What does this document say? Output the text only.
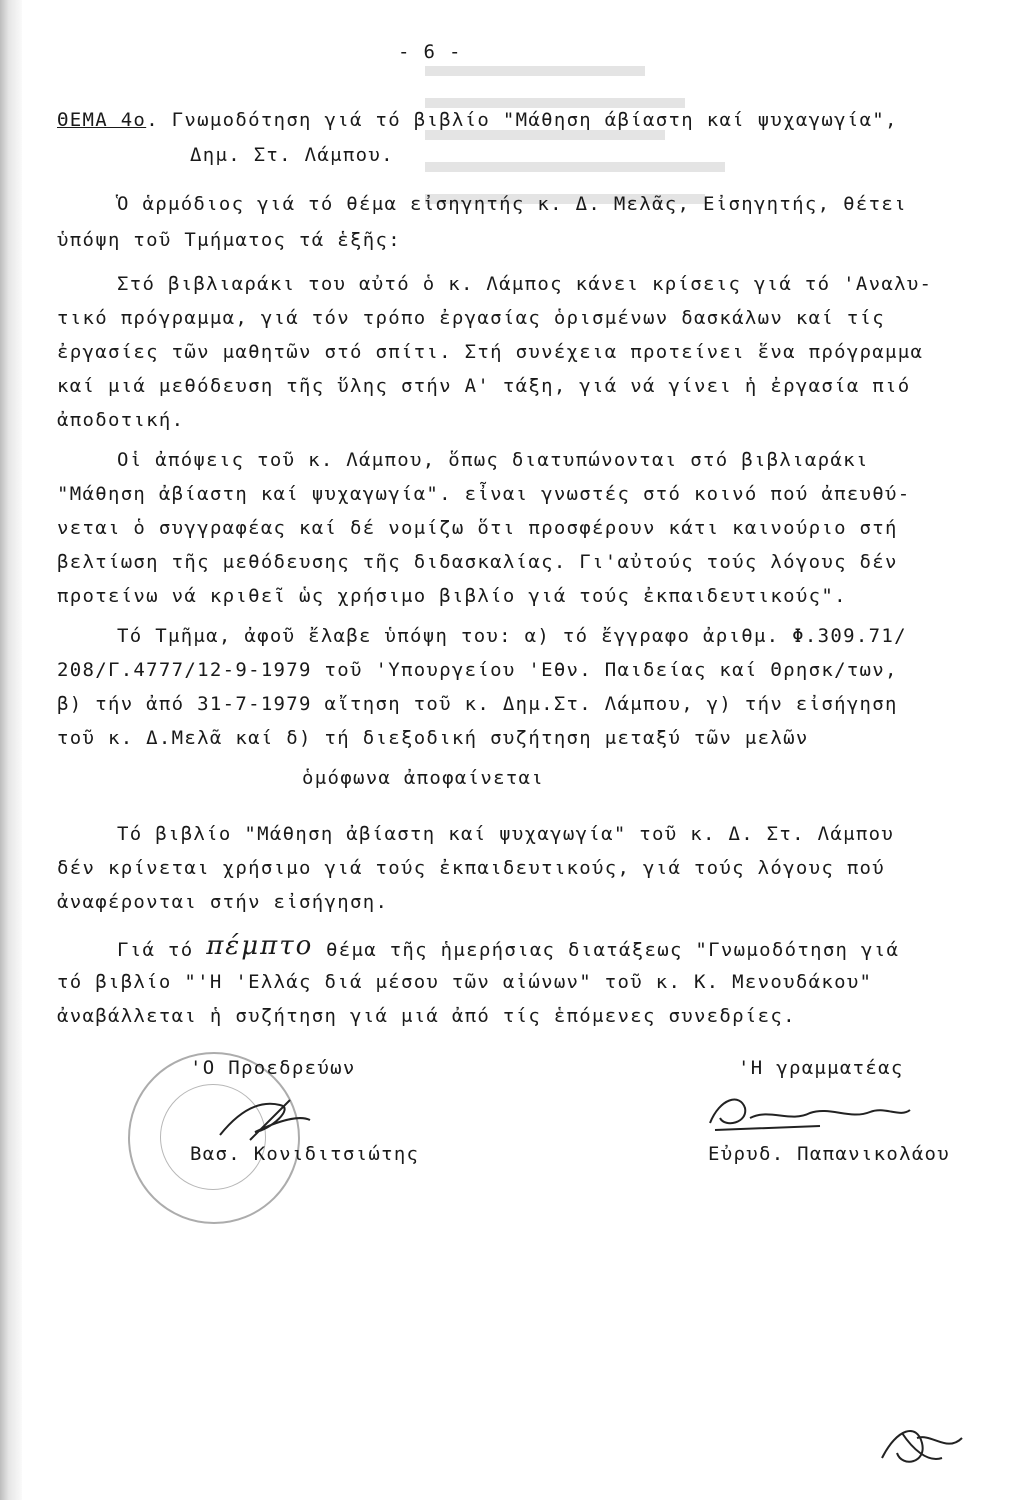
- 6 -
ΘΕΜΑ 4ο. Γνωμοδότηση γιά τό βιβλίο "Μάθηση άβίαστη καί ψυχαγωγία",
Δημ. Στ. Λάμπου.
Ὁ ἁρμόδιος γιά τό θέμα εἰσηγητής κ. Δ. Μελᾶς, Εἰσηγητής, θέτει
ὑπόψη τοῦ Τμήματος τά ἑξῆς:
Στό βιβλιαράκι του αὐτό ὁ κ. Λάμπος κάνει κρίσεις γιά τό 'Αναλυ-
τικό πρόγραμμα, γιά τόν τρόπο ἐργασίας ὁρισμένων δασκάλων καί τίς
ἐργασίες τῶν μαθητῶν στό σπίτι. Στή συνέχεια προτείνει ἕνα πρόγραμμα
καί μιά μεθόδευση τῆς ὕλης στήν Α' τάξη, γιά νά γίνει ἡ ἐργασία πιό
ἀποδοτική.
Οἱ ἀπόψεις τοῦ κ. Λάμπου, ὅπως διατυπώνονται στό βιβλιαράκι
"Μάθηση ἀβίαστη καί ψυχαγωγία". εἶναι γνωστές στό κοινό πού ἀπευθύ-
νεται ὁ συγγραφέας καί δέ νομίζω ὅτι προσφέρουν κάτι καινούριο στή
βελτίωση τῆς μεθόδευσης τῆς διδασκαλίας. Γι'αὐτούς τούς λόγους δέν
προτείνω νά κριθεῖ ὡς χρήσιμο βιβλίο γιά τούς ἐκπαιδευτικούς".
Τό Τμῆμα, ἀφοῦ ἔλαβε ὑπόψη του: α) τό ἔγγραφο ἀριθμ. Φ.309.71/
208/Γ.4777/12-9-1979 τοῦ 'Υπουργείου 'Εθν. Παιδείας καί Θρησκ/των,
β) τήν ἀπό 31-7-1979 αἴτηση τοῦ κ. Δημ.Στ. Λάμπου, γ) τήν εἰσήγηση
τοῦ κ. Δ.Μελᾶ καί δ) τή διεξοδική συζήτηση μεταξύ τῶν μελῶν
ὁμόφωνα ἀποφαίνεται
Τό βιβλίο "Μάθηση ἀβίαστη καί ψυχαγωγία" τοῦ κ. Δ. Στ. Λάμπου
δέν κρίνεται χρήσιμο γιά τούς ἐκπαιδευτικούς, γιά τούς λόγους πού
ἀναφέρονται στήν εἰσήγηση.
Γιά τό πέμπτο θέμα τῆς ἡμερήσιας διατάξεως "Γνωμοδότηση γιά
τό βιβλίο "'Η 'Ελλάς διά μέσου τῶν αἰώνων" τοῦ κ. Κ. Μενουδάκου"
ἀναβάλλεται ἡ συζήτηση γιά μιά ἀπό τίς ἑπόμενες συνεδρίες.
'Ο Προεδρεύων	'Η γραμματέας
Βασ. Κονιδιτσιώτης	Εὐρυδ. Παπανικολάου
